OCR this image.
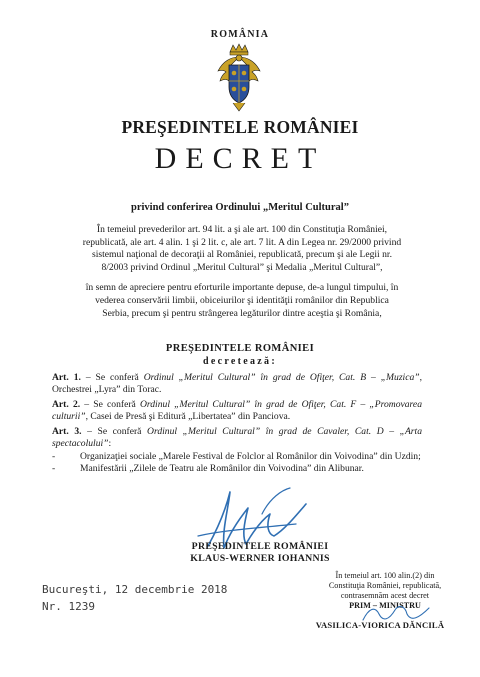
ROMÂNIA
PREŞEDINTELE ROMÂNIEI
DECRET
privind conferirea Ordinului „Meritul Cultural”

În temeiul prevederilor art. 94 lit. a şi ale art. 100 din Constituţia României, republicată, ale art. 4 alin. 1 şi 2 lit. c, ale art. 7 lit. A din Legea nr. 29/2000 privind sistemul naţional de decoraţii al României, republicată, precum şi ale Legii nr. 8/2003 privind Ordinul „Meritul Cultural” şi Medalia „Meritul Cultural”,

în semn de apreciere pentru eforturile importante depuse, de-a lungul timpului, în vederea conservării limbii, obiceiurilor şi identităţii românilor din Republica Serbia, precum şi pentru strângerea legăturilor dintre aceştia şi România,

PREŞEDINTELE ROMÂNIEI
decretează:
Art. 1. – Se conferă Ordinul „Meritul Cultural” în grad de Ofiţer, Cat. B – „Muzica”, Orchestrei „Lyra” din Torac.
Art. 2. – Se conferă Ordinul „Meritul Cultural” în grad de Ofiţer, Cat. F – „Promovarea culturii”, Casei de Presă şi Editură „Libertatea” din Panciova.
Art. 3. – Se conferă Ordinul „Meritul Cultural” în grad de Cavaler, Cat. D – „Arta spectacolului”:
-	Organizaţiei sociale „Marele Festival de Folclor al Românilor din Voivodina” din Uzdin;
-	Manifestării „Zilele de Teatru ale Românilor din Voivodina” din Alibunar.
PREŞEDINTELE ROMÂNIEI
KLAUS-WERNER IOHANNIS
Bucureşti, 12 decembrie 2018
Nr. 1239
În temeiul art. 100 alin.(2) din Constituţia României, republicată, contrasemnăm acest decret
PRIM – MINISTRU
VASILICA-VIORICA DĂNCILĂ
